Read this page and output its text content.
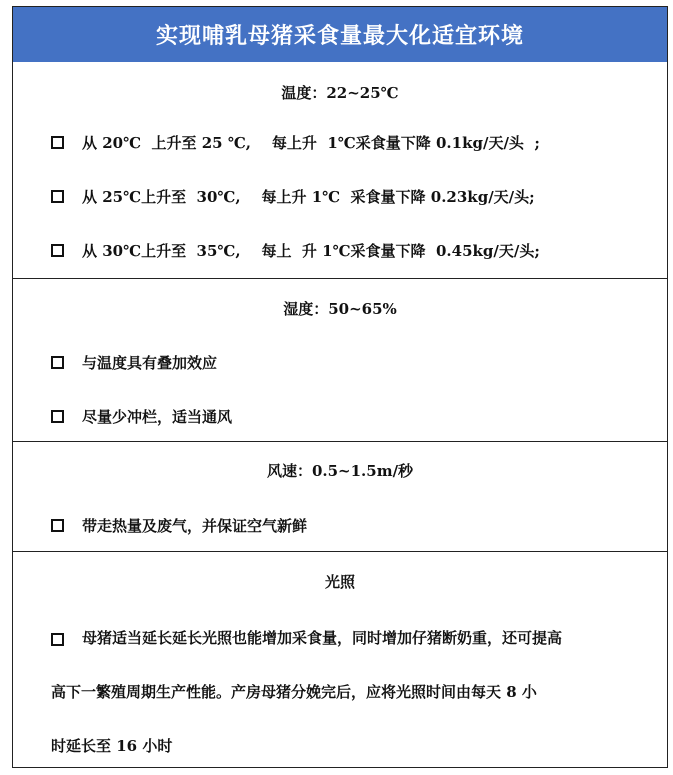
实现哺乳母猪采食量最大化适宜环境
温度：22~25℃
从 20℃  上升至 25 ℃,    每上升  1℃采食量下降 0.1kg/天/头  ;
从 25℃上升至  30℃,    每上升 1℃  采食量下降 0.23kg/天/头;
从 30℃上升至  35℃,    每上  升 1℃采食量下降  0.45kg/天/头;
湿度：50~65%
与温度具有叠加效应
尽量少冲栏，适当通风
风速：0.5~1.5m/秒
带走热量及废气，并保证空气新鲜
光照
母猪适当延长延长光照也能增加采食量，同时增加仔猪断奶重，还可提高
高下一繁殖周期生产性能。产房母猪分娩完后，应将光照时间由每天 8 小
时延长至 16 小时
